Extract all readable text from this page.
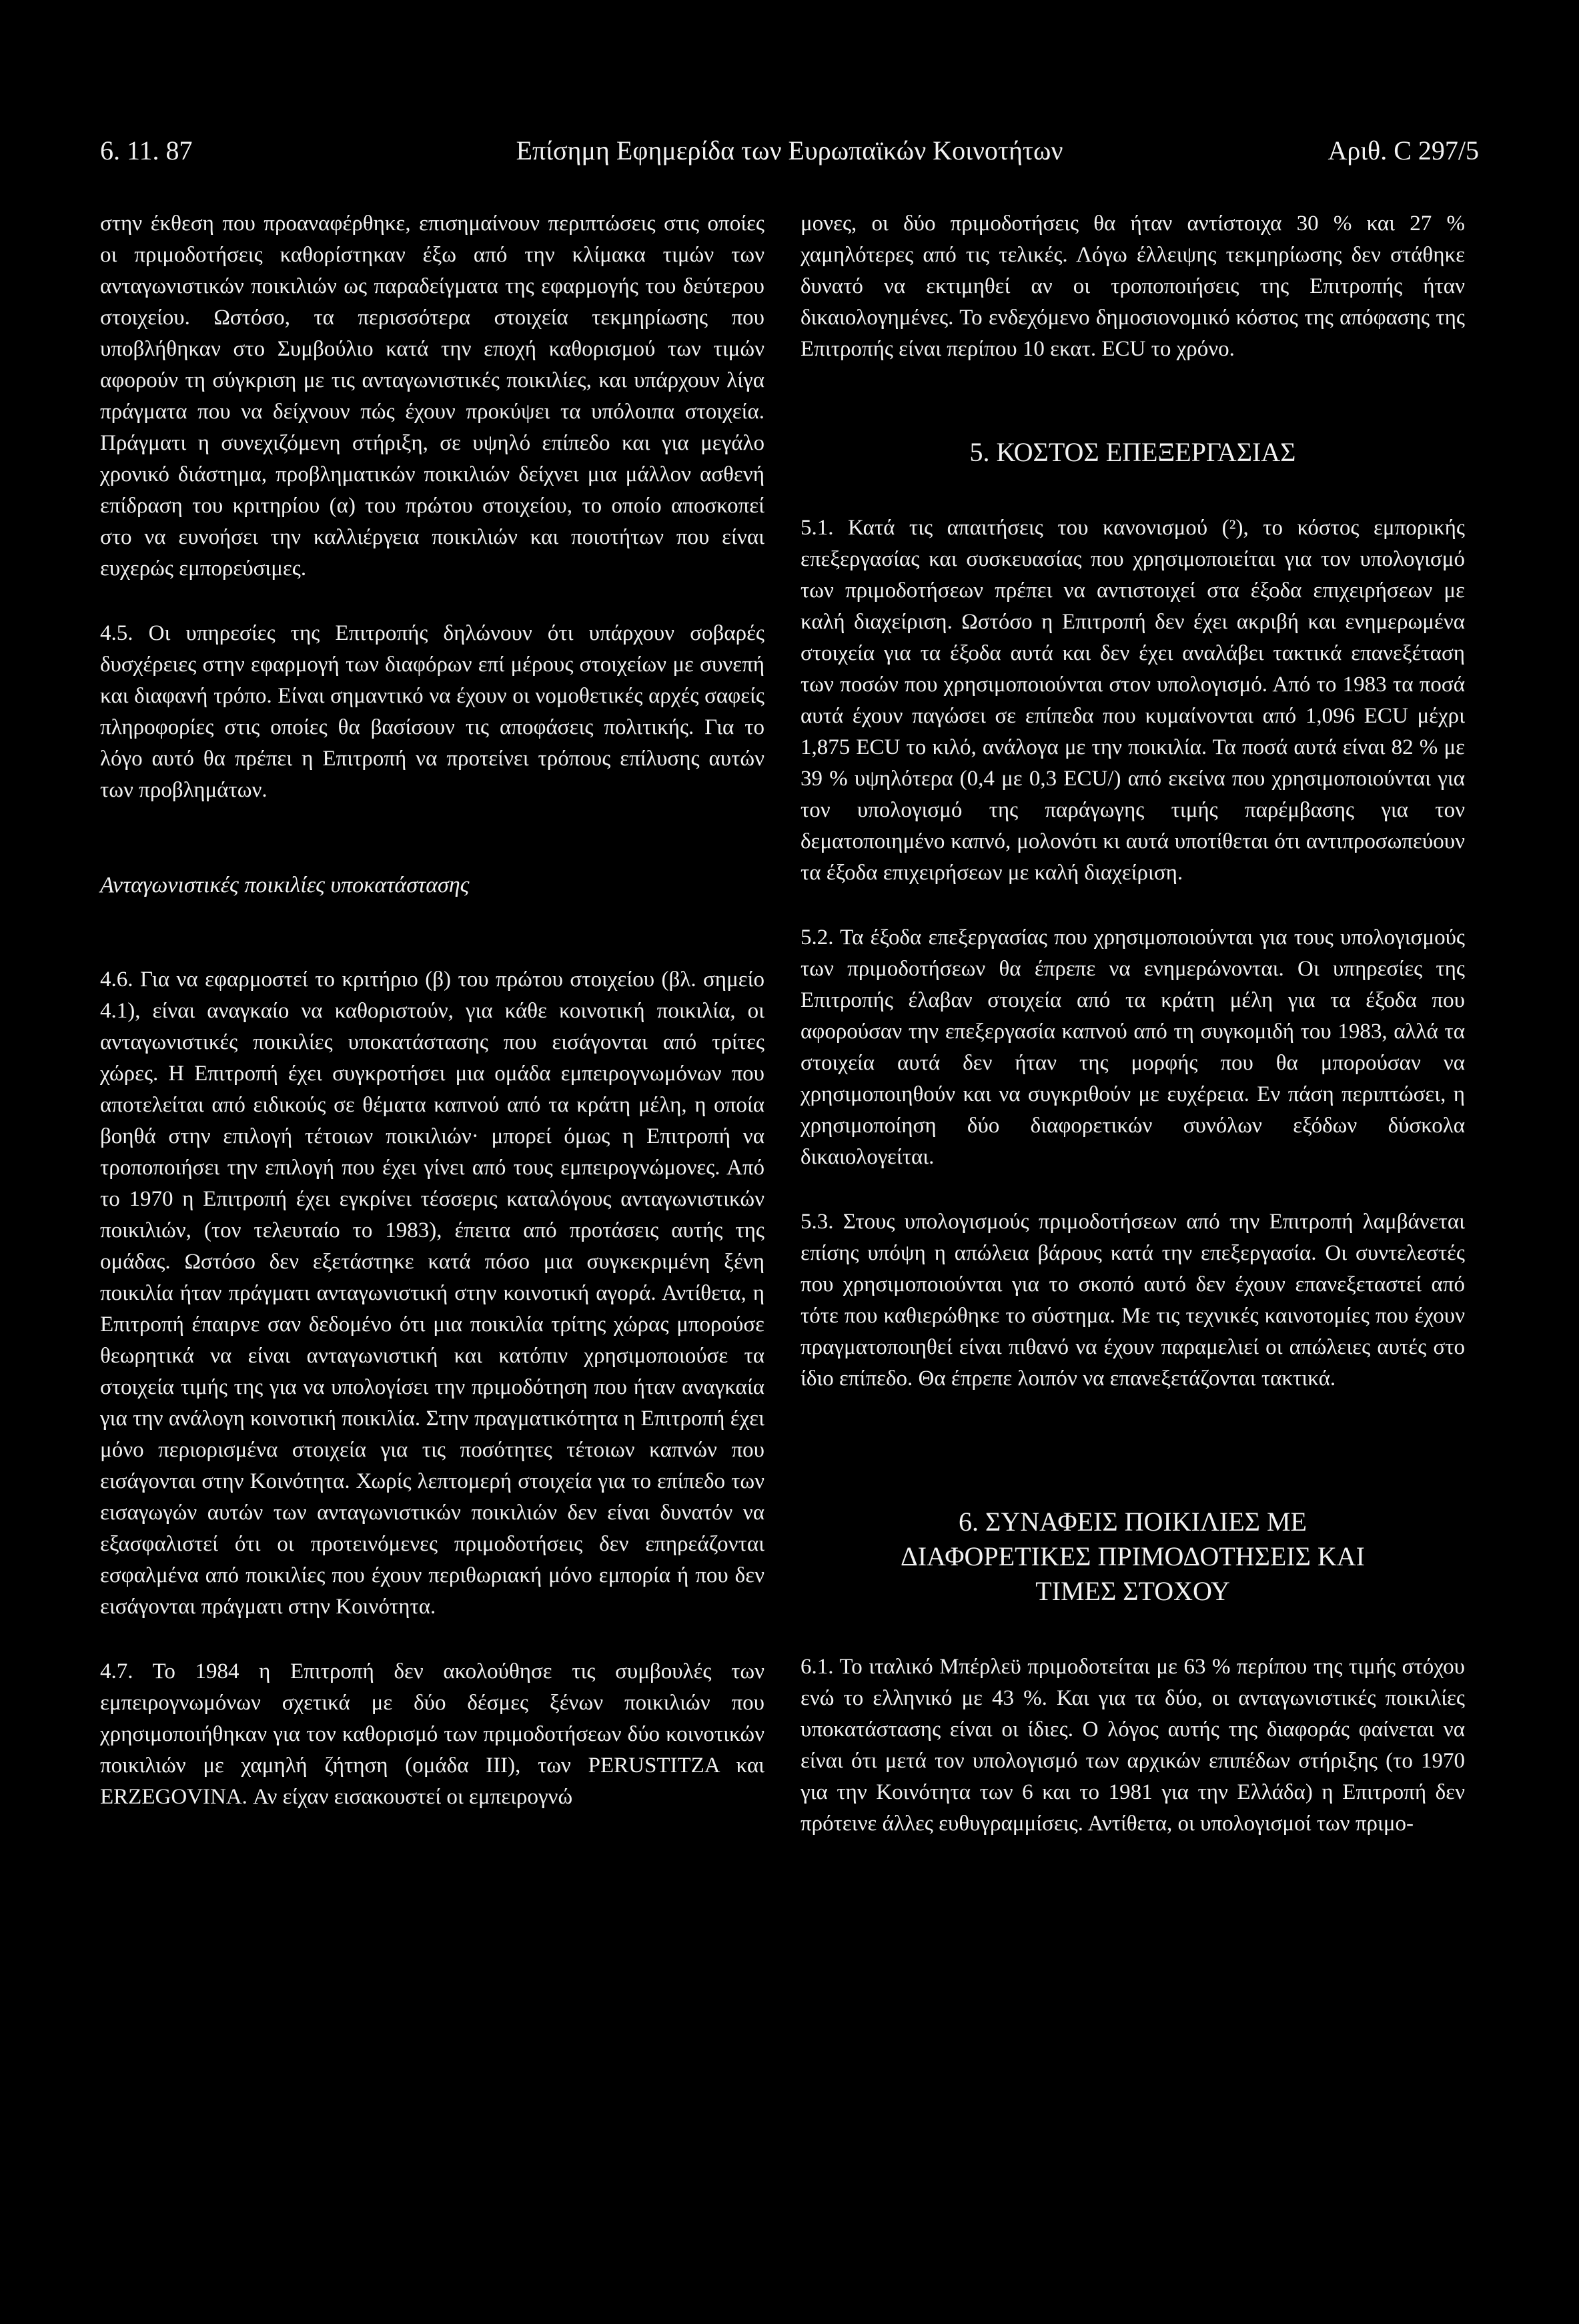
6. 11. 87	Επίσημη Εφημερίδα των Ευρωπαϊκών Κοινοτήτων	Αριθ. C 297/5

στην έκθεση που προαναφέρθηκε, επισημαίνουν περιπτώσεις στις οποίες οι πριμοδοτήσεις καθορίστηκαν έξω από την κλίμακα τιμών των ανταγωνιστικών ποικιλιών ως παραδείγματα της εφαρμογής του δεύτερου στοιχείου. Ωστόσο, τα περισσότερα στοιχεία τεκμηρίωσης που υποβλήθηκαν στο Συμβούλιο κατά την εποχή καθορισμού των τιμών αφορούν τη σύγκριση με τις ανταγωνιστικές ποικιλίες, και υπάρχουν λίγα πράγματα που να δείχνουν πώς έχουν προκύψει τα υπόλοιπα στοιχεία. Πράγματι η συνεχιζόμενη στήριξη, σε υψηλό επίπεδο και για μεγάλο χρονικό διάστημα, προβληματικών ποικιλιών δείχνει μια μάλλον ασθενή επίδραση του κριτηρίου (α) του πρώτου στοιχείου, το οποίο αποσκοπεί στο να ευνοήσει την καλλιέργεια ποικιλιών και ποιοτήτων που είναι ευχερώς εμπορεύσιμες.

4.5. Οι υπηρεσίες της Επιτροπής δηλώνουν ότι υπάρχουν σοβαρές δυσχέρειες στην εφαρμογή των διαφόρων επί μέρους στοιχείων με συνεπή και διαφανή τρόπο. Είναι σημαντικό να έχουν οι νομοθετικές αρχές σαφείς πληροφορίες στις οποίες θα βασίσουν τις αποφάσεις πολιτικής. Για το λόγο αυτό θα πρέπει η Επιτροπή να προτείνει τρόπους επίλυσης αυτών των προβλημάτων.

Ανταγωνιστικές ποικιλίες υποκατάστασης

4.6. Για να εφαρμοστεί το κριτήριο (β) του πρώτου στοιχείου (βλ. σημείο 4.1), είναι αναγκαίο να καθοριστούν, για κάθε κοινοτική ποικιλία, οι ανταγωνιστικές ποικιλίες υποκατάστασης που εισάγονται από τρίτες χώρες. Η Επιτροπή έχει συγκροτήσει μια ομάδα εμπειρογνωμόνων που αποτελείται από ειδικούς σε θέματα καπνού από τα κράτη μέλη, η οποία βοηθά στην επιλογή τέτοιων ποικιλιών· μπορεί όμως η Επιτροπή να τροποποιήσει την επιλογή που έχει γίνει από τους εμπειρογνώμονες. Από το 1970 η Επιτροπή έχει εγκρίνει τέσσερις καταλόγους ανταγωνιστικών ποικιλιών, (τον τελευταίο το 1983), έπειτα από προτάσεις αυτής της ομάδας. Ωστόσο δεν εξετάστηκε κατά πόσο μια συγκεκριμένη ξένη ποικιλία ήταν πράγματι ανταγωνιστική στην κοινοτική αγορά. Αντίθετα, η Επιτροπή έπαιρνε σαν δεδομένο ότι μια ποικιλία τρίτης χώρας μπορούσε θεωρητικά να είναι ανταγωνιστική και κατόπιν χρησιμοποιούσε τα στοιχεία τιμής της για να υπολογίσει την πριμοδότηση που ήταν αναγκαία για την ανάλογη κοινοτική ποικιλία. Στην πραγματικότητα η Επιτροπή έχει μόνο περιορισμένα στοιχεία για τις ποσότητες τέτοιων καπνών που εισάγονται στην Κοινότητα. Χωρίς λεπτομερή στοιχεία για το επίπεδο των εισαγωγών αυτών των ανταγωνιστικών ποικιλιών δεν είναι δυνατόν να εξασφαλιστεί ότι οι προτεινόμενες πριμοδοτήσεις δεν επηρεάζονται εσφαλμένα από ποικιλίες που έχουν περιθωριακή μόνο εμπορία ή που δεν εισάγονται πράγματι στην Κοινότητα.

4.7. Το 1984 η Επιτροπή δεν ακολούθησε τις συμβουλές των εμπειρογνωμόνων σχετικά με δύο δέσμες ξένων ποικιλιών που χρησιμοποιήθηκαν για τον καθορισμό των πριμοδοτήσεων δύο κοινοτικών ποικιλιών με χαμηλή ζήτηση (ομάδα ΙΙΙ), των PERUSTITZA και ERZEGOVINA. Αν είχαν εισακουστεί οι εμπειρογνώ

μονες, οι δύο πριμοδοτήσεις θα ήταν αντίστοιχα 30 % και 27 % χαμηλότερες από τις τελικές. Λόγω έλλειψης τεκμηρίωσης δεν στάθηκε δυνατό να εκτιμηθεί αν οι τροποποιήσεις της Επιτροπής ήταν δικαιολογημένες. Το ενδεχόμενο δημοσιονομικό κόστος της απόφασης της Επιτροπής είναι περίπου 10 εκατ. ECU το χρόνο.

5. ΚΟΣΤΟΣ ΕΠΕΞΕΡΓΑΣΙΑΣ

5.1. Κατά τις απαιτήσεις του κανονισμού (²), το κόστος εμπορικής επεξεργασίας και συσκευασίας που χρησιμοποιείται για τον υπολογισμό των πριμοδοτήσεων πρέπει να αντιστοιχεί στα έξοδα επιχειρήσεων με καλή διαχείριση. Ωστόσο η Επιτροπή δεν έχει ακριβή και ενημερωμένα στοιχεία για τα έξοδα αυτά και δεν έχει αναλάβει τακτικά επανεξέταση των ποσών που χρησιμοποιούνται στον υπολογισμό. Από το 1983 τα ποσά αυτά έχουν παγώσει σε επίπεδα που κυμαίνονται από 1,096 ECU μέχρι 1,875 ECU το κιλό, ανάλογα με την ποικιλία. Τα ποσά αυτά είναι 82 % με 39 % υψηλότερα (0,4 με 0,3 ECU/) από εκείνα που χρησιμοποιούνται για τον υπολογισμό της παράγωγης τιμής παρέμβασης για τον δεματοποιημένο καπνό, μολονότι κι αυτά υποτίθεται ότι αντιπροσωπεύουν τα έξοδα επιχειρήσεων με καλή διαχείριση.

5.2. Τα έξοδα επεξεργασίας που χρησιμοποιούνται για τους υπολογισμούς των πριμοδοτήσεων θα έπρεπε να ενημερώνονται. Οι υπηρεσίες της Επιτροπής έλαβαν στοιχεία από τα κράτη μέλη για τα έξοδα που αφορούσαν την επεξεργασία καπνού από τη συγκομιδή του 1983, αλλά τα στοιχεία αυτά δεν ήταν της μορφής που θα μπορούσαν να χρησιμοποιηθούν και να συγκριθούν με ευχέρεια. Εν πάση περιπτώσει, η χρησιμοποίηση δύο διαφορετικών συνόλων εξόδων δύσκολα δικαιολογείται.

5.3. Στους υπολογισμούς πριμοδοτήσεων από την Επιτροπή λαμβάνεται επίσης υπόψη η απώλεια βάρους κατά την επεξεργασία. Οι συντελεστές που χρησιμοποιούνται για το σκοπό αυτό δεν έχουν επανεξεταστεί από τότε που καθιερώθηκε το σύστημα. Με τις τεχνικές καινοτομίες που έχουν πραγματοποιηθεί είναι πιθανό να έχουν παραμελιεί οι απώλειες αυτές στο ίδιο επίπεδο. Θα έπρεπε λοιπόν να επανεξετάζονται τακτικά.

6. ΣΥΝΑΦΕΙΣ ΠΟΙΚΙΛΙΕΣ ΜΕ
ΔΙΑΦΟΡΕΤΙΚΕΣ ΠΡΙΜΟΔΟΤΗΣΕΙΣ ΚΑΙ
ΤΙΜΕΣ ΣΤΟΧΟΥ

6.1. Το ιταλικό Μπέρλεϋ πριμοδοτείται με 63 % περίπου της τιμής στόχου ενώ το ελληνικό με 43 %. Και για τα δύο, οι ανταγωνιστικές ποικιλίες υποκατάστασης είναι οι ίδιες. Ο λόγος αυτής της διαφοράς φαίνεται να είναι ότι μετά τον υπολογισμό των αρχικών επιπέδων στήριξης (το 1970 για την Κοινότητα των 6 και το 1981 για την Ελλάδα) η Επιτροπή δεν πρότεινε άλλες ευθυγραμμίσεις. Αντίθετα, οι υπολογισμοί των πριμο-
